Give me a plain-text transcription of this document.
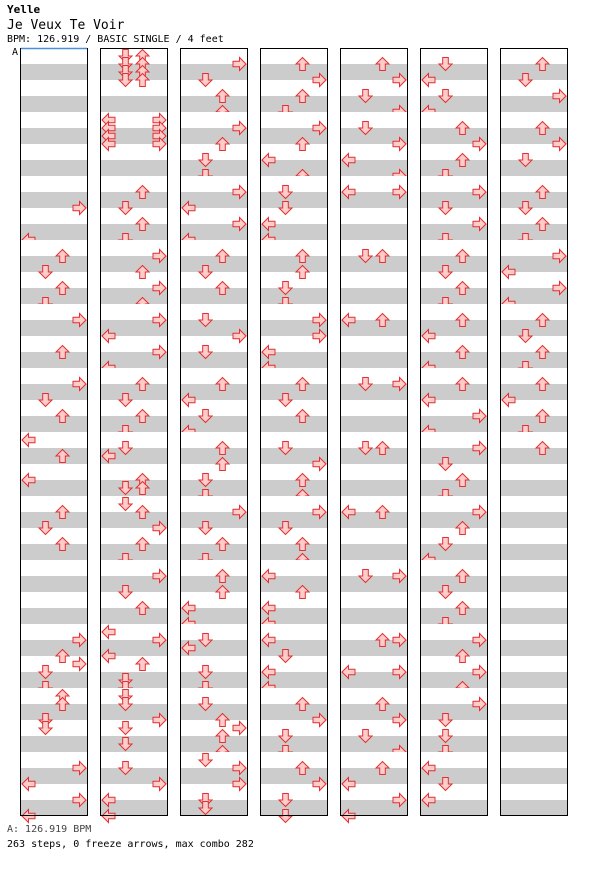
Yelle
Je Veux Te Voir
BPM: 126.919 / BASIC SINGLE / 4 feet
A
A: 126.919 BPM
263 steps, 0 freeze arrows, max combo 282
